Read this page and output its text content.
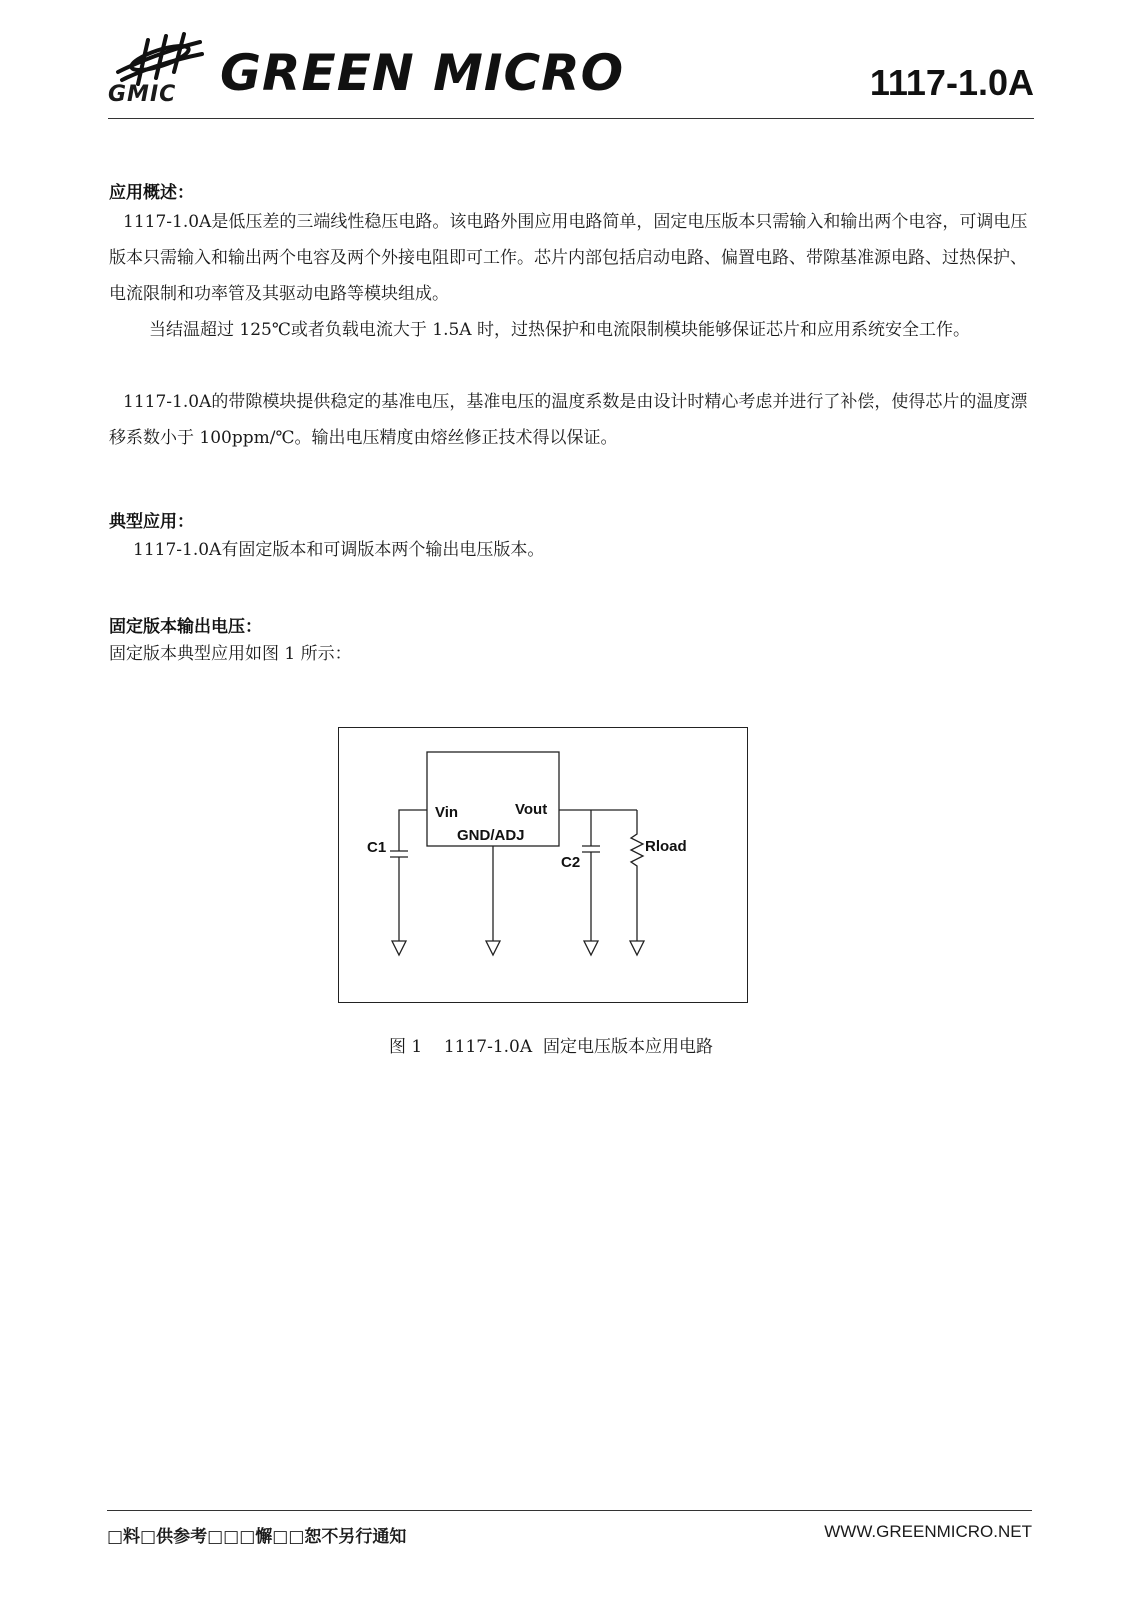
GMIC GREEN MICRO	1117-1.0A
应用概述：

1117-1.0A是低压差的三端线性稳压电路。该电路外围应用电路简单，固定电压版本只需输入和输出两个电容，可调电压版本只需输入和输出两个电容及两个外接电阻即可工作。芯片内部包括启动电路、偏置电路、带隙基准源电路、过热保护、电流限制和功率管及其驱动电路等模块组成。

当结温超过 125℃或者负载电流大于 1.5A 时，过热保护和电流限制模块能够保证芯片和应用系统安全工作。

1117-1.0A的带隙模块提供稳定的基准电压，基准电压的温度系数是由设计时精心考虑并进行了补偿，使得芯片的温度漂移系数小于 100ppm/℃。输出电压精度由熔丝修正技术得以保证。

典型应用：

1117-1.0A有固定版本和可调版本两个输出电压版本。

固定版本输出电压：

固定版本典型应用如图 1 所示：

Vin	Vout
GND/ADJ
C1
C2
Rload
图 1    1117-1.0A  固定电压版本应用电路
□料□供参考□□□懈□□恕不另行通知	WWW.GREENMICRO.NET
